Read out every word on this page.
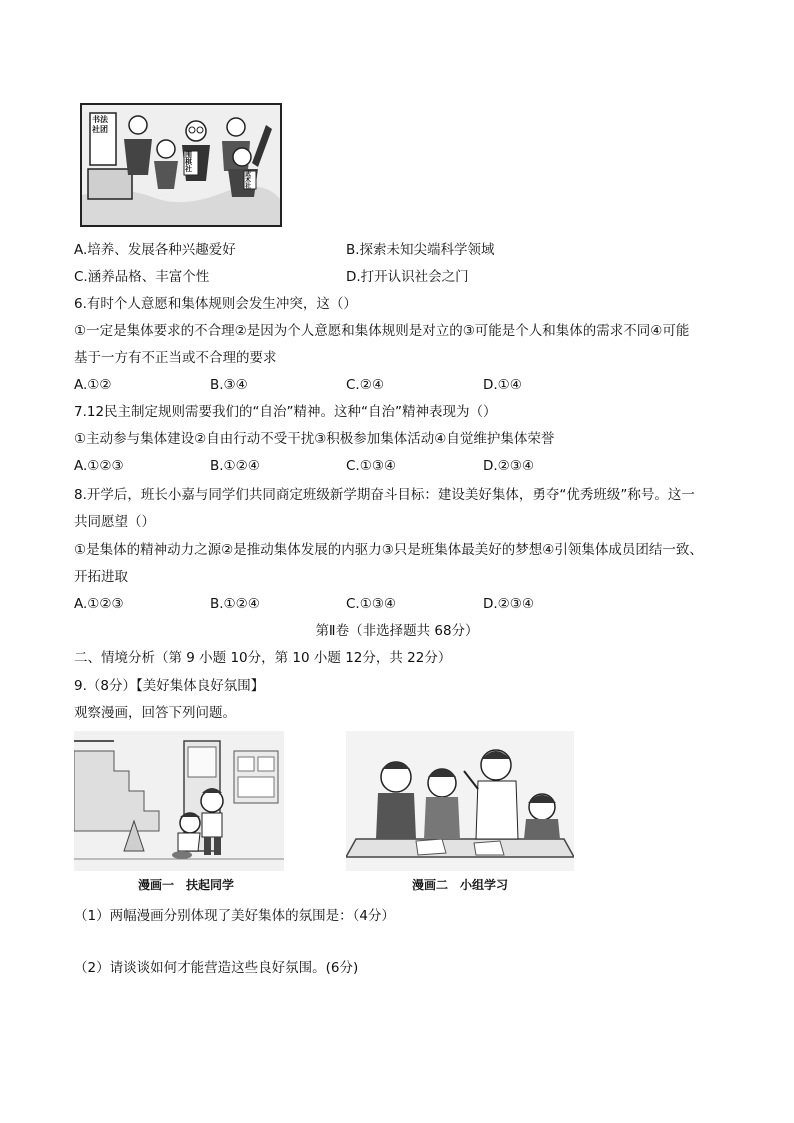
书法社团
围棋社
武术社
A.培养、发展各种兴趣爱好	B.探索未知尖端科学领域
C.涵养品格、丰富个性	D.打开认识社会之门
6.有时个人意愿和集体规则会发生冲突，这（）
①一定是集体要求的不合理②是因为个人意愿和集体规则是对立的③可能是个人和集体的需求不同④可能
基于一方有不正当或不合理的要求
A.①②	B.③④	C.②④	D.①④
7.12民主制定规则需要我们的“自治”精神。这种“自治”精神表现为（）
①主动参与集体建设②自由行动不受干扰③积极参加集体活动④自觉维护集体荣誉
A.①②③	B.①②④	C.①③④	D.②③④
8.开学后，班长小嘉与同学们共同商定班级新学期奋斗目标：建设美好集体，勇夺“优秀班级”称号。这一
共同愿望（）
①是集体的精神动力之源②是推动集体发展的内驱力③只是班集体最美好的梦想④引领集体成员团结一致、
开拓进取
A.①②③	B.①②④	C.①③④	D.②③④
第Ⅱ卷（非选择题共 68分）
二、情境分析（第 9 小题 10分，第 10 小题 12分，共 22分）
9.（8分）【美好集体良好氛围】
观察漫画，回答下列问题。
漫画一　扶起同学	漫画二　小组学习
（1）两幅漫画分别体现了美好集体的氛围是：（4分）
（2）请谈谈如何才能营造这些良好氛围。(6分)
